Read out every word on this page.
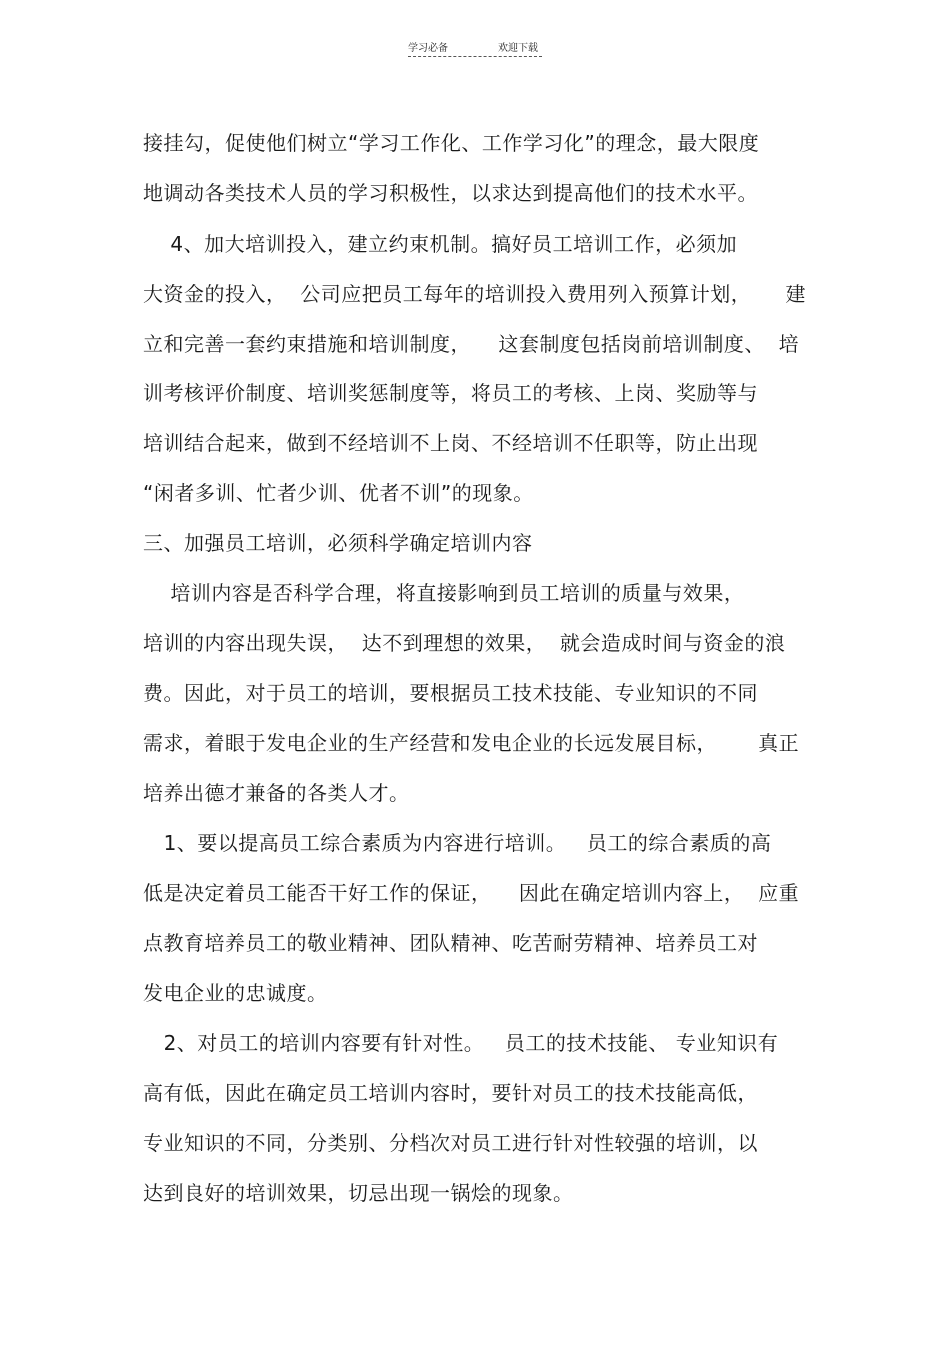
学习必备	欢迎下载
接挂勾，促使他们树立“学习工作化、工作学习化”的理念，最大限度
地调动各类技术人员的学习积极性，以求达到提高他们的技术水平。
4、加大培训投入，建立约束机制。搞好员工培训工作，必须加
大资金的投入，  公司应把员工每年的培训投入费用列入预算计划，     建
立和完善一套约束措施和培训制度，    这套制度包括岗前培训制度、  培
训考核评价制度、培训奖惩制度等，将员工的考核、上岗、奖励等与
培训结合起来，做到不经培训不上岗、不经培训不任职等，防止出现
“闲者多训、忙者少训、优者不训”的现象。
三、加强员工培训，必须科学确定培训内容
培训内容是否科学合理，将直接影响到员工培训的质量与效果，
培训的内容出现失误，  达不到理想的效果，  就会造成时间与资金的浪
费。因此，对于员工的培训，要根据员工技术技能、专业知识的不同
需求，着眼于发电企业的生产经营和发电企业的长远发展目标，      真正
培养出德才兼备的各类人才。
1、要以提高员工综合素质为内容进行培训。   员工的综合素质的高
低是决定着员工能否干好工作的保证，    因此在确定培训内容上，  应重
点教育培养员工的敬业精神、团队精神、吃苦耐劳精神、培养员工对
发电企业的忠诚度。
2、对员工的培训内容要有针对性。   员工的技术技能、 专业知识有
高有低，因此在确定员工培训内容时，要针对员工的技术技能高低，
专业知识的不同，分类别、分档次对员工进行针对性较强的培训，以
达到良好的培训效果，切忌出现一锅烩的现象。
